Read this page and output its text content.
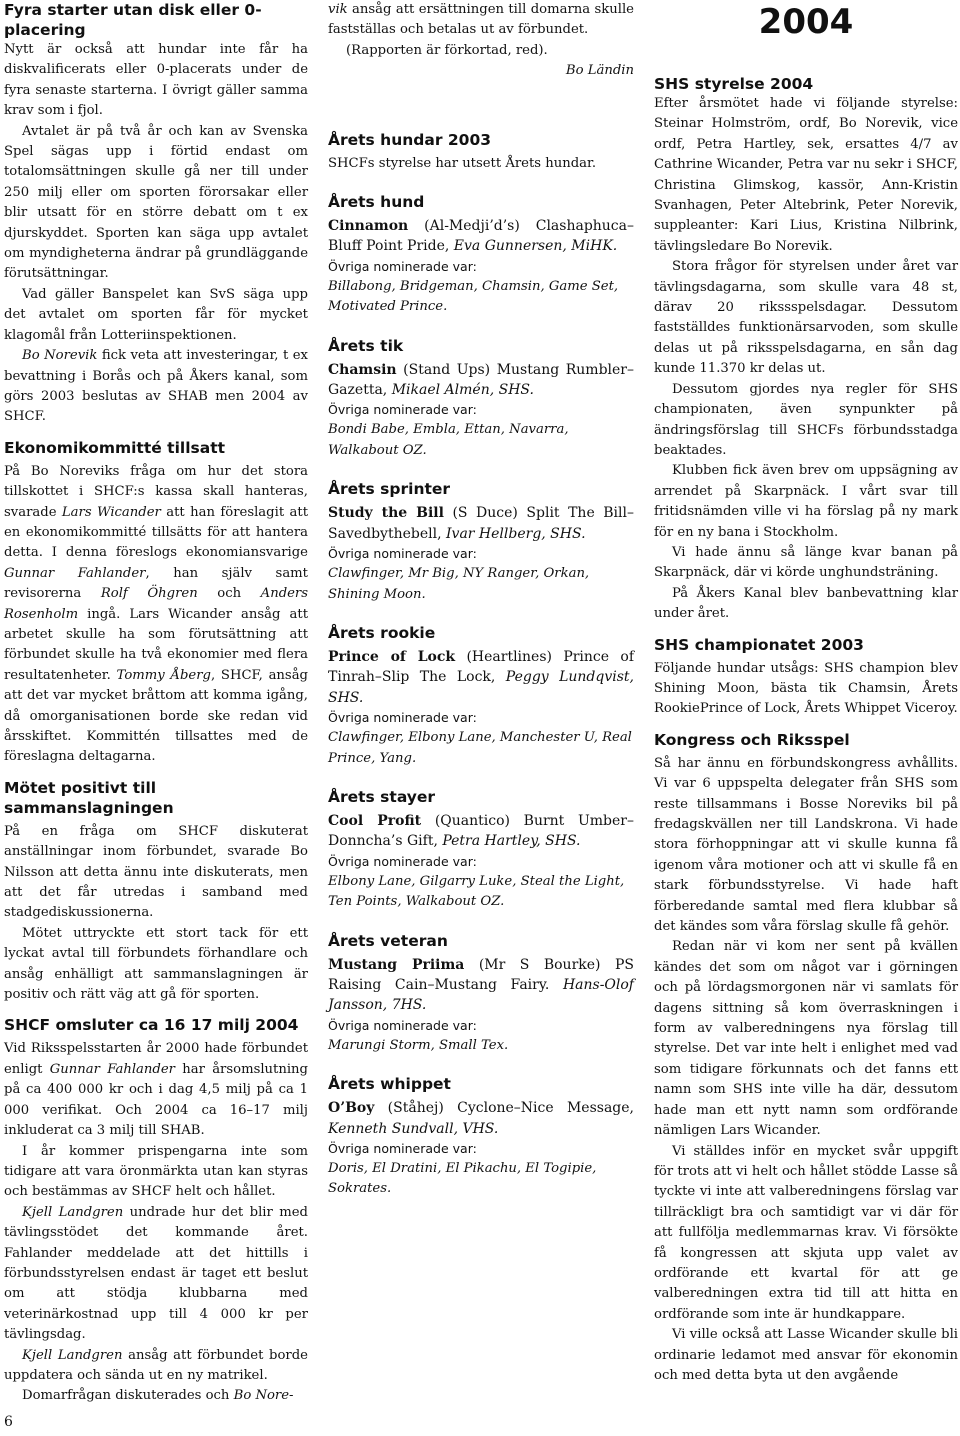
Fyra starter utan disk eller 0-placering

Nytt är också att hundar inte får ha diskvalificerats eller 0-placerats under de fyra senaste starterna. I övrigt gäller samma krav som i fjol.

Avtalet är på två år och kan av Svenska Spel sägas upp i förtid endast om totalomsättningen skulle gå ner till under 250 milj eller om sporten förorsakar eller blir utsatt för en större debatt om t ex djurskyddet. Sporten kan säga upp avtalet om myndigheterna ändrar på grundläggande förutsättningar.

Vad gäller Banspelet kan SvS säga upp det avtalet om sporten får för mycket klagomål från Lotteriinspektionen.

Bo Norevik fick veta att investeringar, t ex bevattning i Borås och på Åkers kanal, som görs 2003 beslutas av SHAB men 2004 av SHCF.

Ekonomikommitté tillsatt

På Bo Noreviks fråga om hur det stora tillskottet i SHCF:s kassa skall hanteras, svarade Lars Wicander att han föreslagit att en ekonomikommitté tillsätts för att hantera detta. I denna föreslogs ekonomiansvarige Gunnar Fahlander, han själv samt revisorerna Rolf Öhgren och Anders Rosenholm ingå. Lars Wicander ansåg att arbetet skulle ha som förutsättning att förbundet skulle ha två ekonomier med flera resultatenheter. Tommy Åberg, SHCF, ansåg att det var mycket bråttom att komma igång, då omorganisationen borde ske redan vid årsskiftet. Kommittén tillsattes med de föreslagna deltagarna.

Mötet positivt till sammanslagningen

På en fråga om SHCF diskuterat anställningar inom förbundet, svarade Bo Nilsson att detta ännu inte diskuterats, men att det får utredas i samband med stadgediskussionerna.

Mötet uttryckte ett stort tack för ett lyckat avtal till förbundets förhandlare och ansåg enhälligt att sammanslagningen är positiv och rätt väg att gå för sporten.

SHCF omsluter ca 16 17 milj 2004

Vid Riksspelsstarten år 2000 hade förbundet enligt Gunnar Fahlander har årsomslutning på ca 400 000 kr och i dag 4,5 milj på ca 1 000 verifikat. Och 2004 ca 16–17 milj inkluderat ca 3 milj till SHAB.

I år kommer prispengarna inte som tidigare att vara öronmärkta utan kan styras och bestämmas av SHCF helt och hållet.

Kjell Landgren undrade hur det blir med tävlingsstödet det kommande året. Fahlander meddelade att det hittills i förbundsstyrelsen endast är taget ett beslut om att stödja klubbarna med veterinärkostnad upp till 4 000 kr per tävlingsdag.

Kjell Landgren ansåg att förbundet borde uppdatera och sända ut en ny matrikel.

Domarfrågan diskuterades och Bo Nore-

vik ansåg att ersättningen till domarna skulle fastställas och betalas ut av förbundet.

(Rapporten är förkortad, red).

Bo Ländin

Årets hundar 2003

SHCFs styrelse har utsett Årets hundar.

Årets hund

Cinnamon (Al-Medji’d’s) Clashaphuca– Bluff Point Pride, Eva Gunnersen, MiHK.

Övriga nominerade var:

Billabong, Bridgeman, Chamsin, Game Set, Motivated Prince.

Årets tik

Chamsin (Stand Ups) Mustang Rumbler– Gazetta, Mikael Almén, SHS.

Övriga nominerade var:

Bondi Babe, Embla, Ettan, Navarra, Walkabout OZ.

Årets sprinter

Study the Bill (S Duce) Split The Bill– Savedbythebell, Ivar Hellberg, SHS.

Övriga nominerade var:

Clawfinger, Mr Big, NY Ranger, Orkan, Shining Moon.

Årets rookie

Prince of Lock (Heartlines) Prince of Tinrah–Slip The Lock, Peggy Lundqvist, SHS.

Övriga nominerade var:

Clawfinger, Elbony Lane, Manchester U, Real Prince, Yang.

Årets stayer

Cool Profit (Quantico) Burnt Umber– Donncha’s Gift, Petra Hartley, SHS.

Övriga nominerade var:

Elbony Lane, Gilgarry Luke, Steal the Light, Ten Points, Walkabout OZ.

Årets veteran

Mustang Priima (Mr S Bourke) PS Raising Cain–Mustang Fairy. Hans-Olof Jansson, 7HS.

Övriga nominerade var:

Marungi Storm, Small Tex.

Årets whippet

O’Boy (Ståhej) Cyclone–Nice Message, Kenneth Sundvall, VHS.

Övriga nominerade var:

Doris, El Dratini, El Pikachu, El Togipie, Sokrates.

2004
SHS styrelse 2004

Efter årsmötet hade vi följande styrelse: Steinar Holmström, ordf, Bo Norevik, vice ordf, Petra Hartley, sek, ersattes 4/7 av Cathrine Wicander, Petra var nu sekr i SHCF, Christina Glimskog, kassör, Ann-Kristin Svanhagen, Peter Altebrink, Peter Norevik, suppleanter: Kari Lius, Kristina Nilbrink, tävlingsledare Bo Norevik.

Stora frågor för styrelsen under året var tävlingsdagarna, som skulle vara 48 st, därav 20 rikssspelsdagar. Dessutom fastställdes funktionärsarvoden, som skulle delas ut på riksspelsdagarna, en sån dag kunde 11.370 kr delas ut.

Dessutom gjordes nya regler för SHS championaten, även synpunkter på ändringsförslag till SHCFs förbundsstadga beaktades.

Klubben fick även brev om uppsägning av arrendet på Skarpnäck. I vårt svar till fritidsnämden ville vi ha förslag på ny mark för en ny bana i Stockholm.

Vi hade ännu så länge kvar banan på Skarpnäck, där vi körde unghundsträning.

På Åkers Kanal blev banbevattning klar under året.

SHS championatet 2003

Följande hundar utsågs: SHS champion blev Shining Moon, bästa tik Chamsin, Årets RookiePrince of Lock, Årets Whippet Viceroy.

Kongress och Riksspel

Så har ännu en förbundskongress avhållits. Vi var 6 uppspelta delegater från SHS som reste tillsammans i Bosse Noreviks bil på fredagskvällen ner till Landskrona. Vi hade stora förhoppningar att vi skulle kunna få igenom våra motioner och att vi skulle få en stark förbundsstyrelse. Vi hade haft förberedande samtal med flera klubbar så det kändes som våra förslag skulle få gehör.

Redan när vi kom ner sent på kvällen kändes det som om något var i görningen och på lördagsmorgonen när vi samlats för dagens sittning så kom överraskningen i form av valberedningens nya förslag till styrelse. Det var inte helt i enlighet med vad som tidigare förkunnats och det fanns ett namn som SHS inte ville ha där, dessutom hade man ett nytt namn som ordförande nämligen Lars Wicander.

Vi ställdes inför en mycket svår uppgift för trots att vi helt och hållet stödde Lasse så tyckte vi inte att valberedningens förslag var tillräckligt bra och samtidigt var vi där för att fullfölja medlemmarnas krav. Vi försökte få kongressen att skjuta upp valet av ordförande ett kvartal för att ge valberedningen extra tid till att hitta en ordförande som inte är hundkappare.

Vi ville också att Lasse Wicander skulle bli ordinarie ledamot med ansvar för ekonomin och med detta byta ut den avgående

6
